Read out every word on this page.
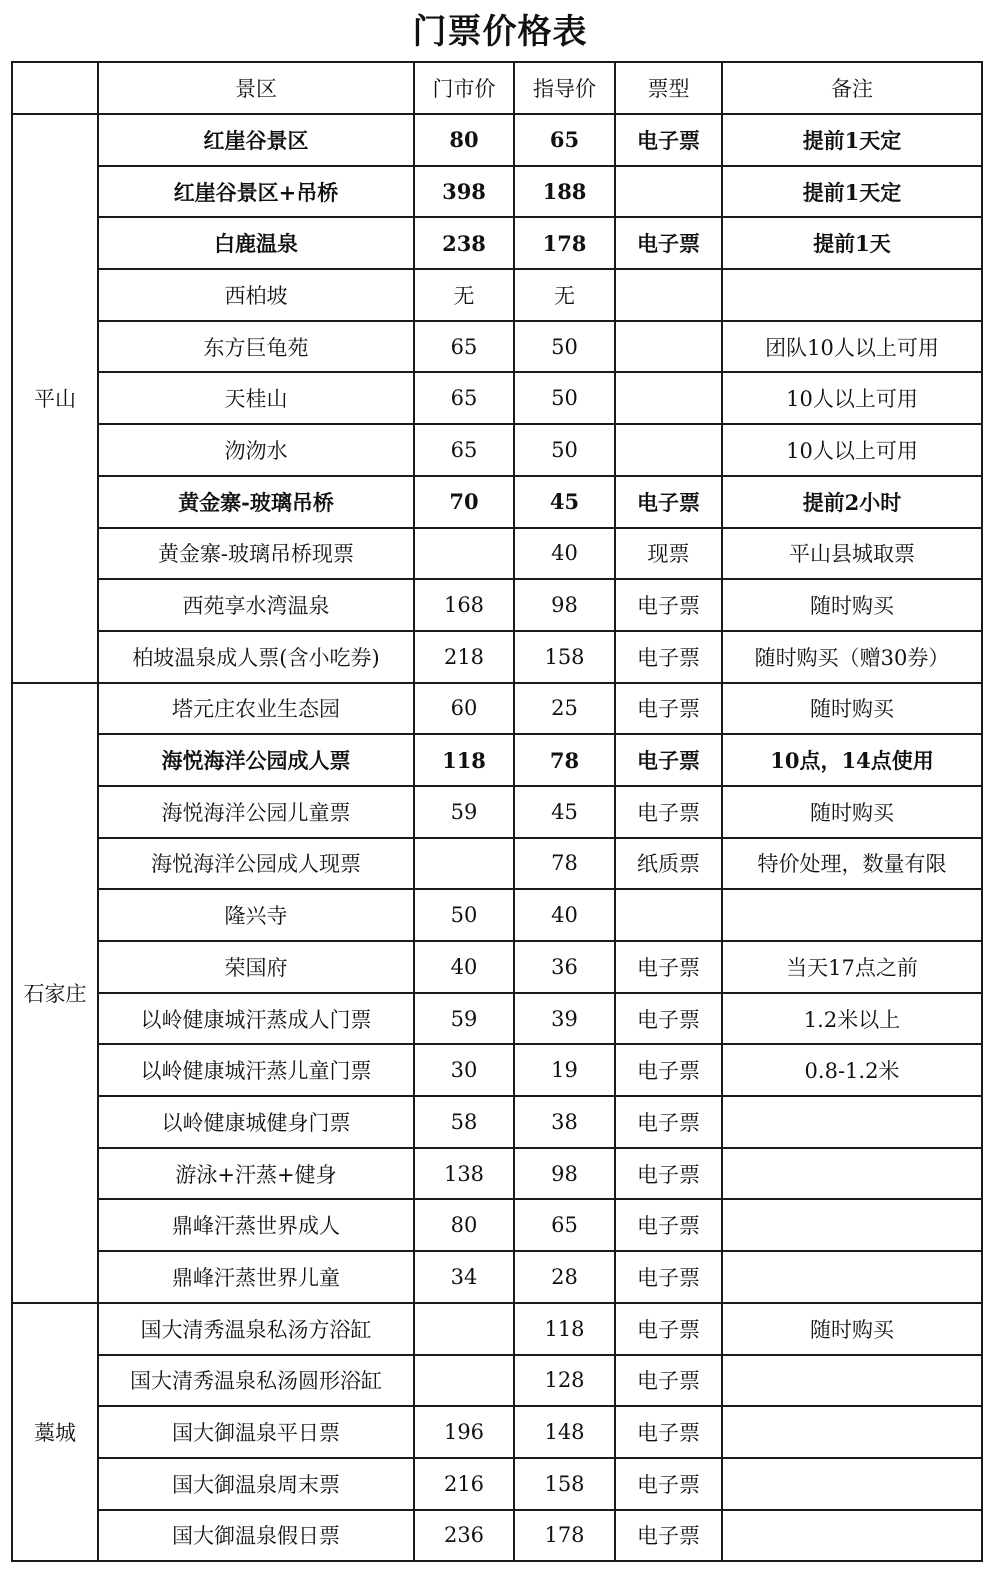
门票价格表
	景区	门市价	指导价	票型	备注
平山	红崖谷景区	80	65	电子票	提前1天定
	红崖谷景区+吊桥	398	188		提前1天定
	白鹿温泉	238	178	电子票	提前1天
	西柏坡	无	无		
	东方巨龟苑	65	50		团队10人以上可用
	天桂山	65	50		10人以上可用
	沕沕水	65	50		10人以上可用
	黄金寨-玻璃吊桥	70	45	电子票	提前2小时
	黄金寨-玻璃吊桥现票		40	现票	平山县城取票
	西苑享水湾温泉	168	98	电子票	随时购买
	柏坡温泉成人票(含小吃券)	218	158	电子票	随时购买（赠30券）
石家庄	塔元庄农业生态园	60	25	电子票	随时购买
	海悦海洋公园成人票	118	78	电子票	10点，14点使用
	海悦海洋公园儿童票	59	45	电子票	随时购买
	海悦海洋公园成人现票		78	纸质票	特价处理，数量有限
	隆兴寺	50	40		
	荣国府	40	36	电子票	当天17点之前
	以岭健康城汗蒸成人门票	59	39	电子票	1.2米以上
	以岭健康城汗蒸儿童门票	30	19	电子票	0.8-1.2米
	以岭健康城健身门票	58	38	电子票	
	游泳+汗蒸+健身	138	98	电子票	
	鼎峰汗蒸世界成人	80	65	电子票	
	鼎峰汗蒸世界儿童	34	28	电子票	
藁城	国大清秀温泉私汤方浴缸		118	电子票	随时购买
	国大清秀温泉私汤圆形浴缸		128	电子票	
	国大御温泉平日票	196	148	电子票	
	国大御温泉周末票	216	158	电子票	
	国大御温泉假日票	236	178	电子票	
